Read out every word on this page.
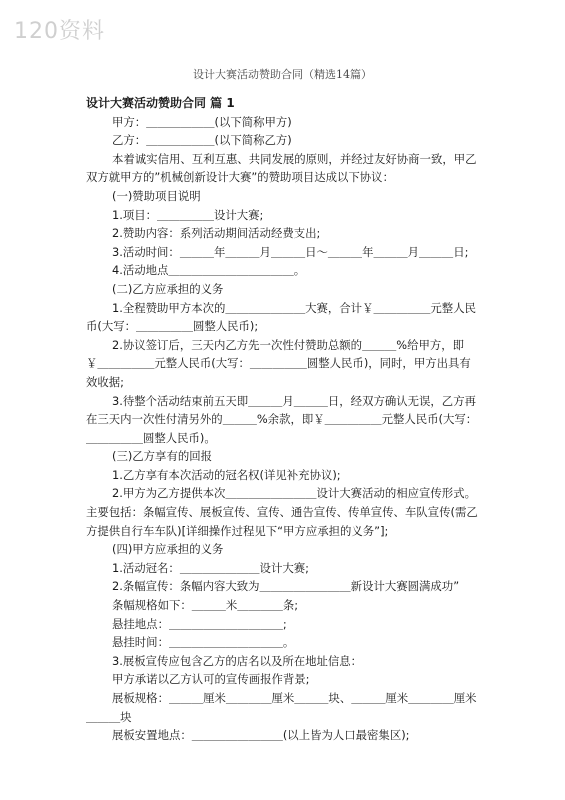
120资料
设计大赛活动赞助合同（精选14篇）

设计大赛活动赞助合同 篇 1

甲方：＿＿＿＿＿＿(以下简称甲方)

乙方：＿＿＿＿＿＿(以下简称乙方)

本着诚实信用、互利互惠、共同发展的原则，并经过友好协商一致，甲乙双方就甲方的”机械创新设计大赛”的赞助项目达成以下协议：

(一)赞助项目说明

1.项目：＿＿＿＿＿设计大赛;

2.赞助内容：系列活动期间活动经费支出;

3.活动时间：＿＿＿年＿＿＿月＿＿＿日～＿＿＿年＿＿＿月＿＿＿日;

4.活动地点＿＿＿＿＿＿＿＿＿＿＿。

(二)乙方应承担的义务

1.全程赞助甲方本次的＿＿＿＿＿＿＿大赛，合计￥＿＿＿＿＿元整人民币(大写：＿＿＿＿＿圆整人民币);

2.协议签订后，三天内乙方先一次性付赞助总额的＿＿＿%给甲方，即￥＿＿＿＿＿元整人民币(大写：＿＿＿＿＿圆整人民币)，同时，甲方出具有效收据;

3.待整个活动结束前五天即＿＿＿月＿＿＿日，经双方确认无误，乙方再在三天内一次性付清另外的＿＿＿%余款，即￥＿＿＿＿＿元整人民币(大写：＿＿＿＿＿圆整人民币)。

(三)乙方享有的回报

1.乙方享有本次活动的冠名权(详见补充协议);

2.甲方为乙方提供本次＿＿＿＿＿＿＿＿设计大赛活动的相应宣传形式。主要包括：条幅宣传、展板宣传、宣传、通告宣传、传单宣传、车队宣传(需乙方提供自行车车队)[详细操作过程见下“甲方应承担的义务”];

(四)甲方应承担的义务

1.活动冠名：＿＿＿＿＿＿＿设计大赛;

2.条幅宣传：条幅内容大致为＿＿＿＿＿＿＿＿新设计大赛圆满成功”

条幅规格如下：＿＿＿米＿＿＿＿条;

悬挂地点：＿＿＿＿＿＿＿＿＿＿;

悬挂时间：＿＿＿＿＿＿＿＿＿＿。

3.展板宣传应包含乙方的店名以及所在地址信息：

甲方承诺以乙方认可的宣传画报作背景;

展板规格：＿＿＿厘米＿＿＿＿厘米＿＿＿块、＿＿＿厘米＿＿＿＿厘米＿＿＿块

展板安置地点：＿＿＿＿＿＿＿＿(以上皆为人口最密集区);
